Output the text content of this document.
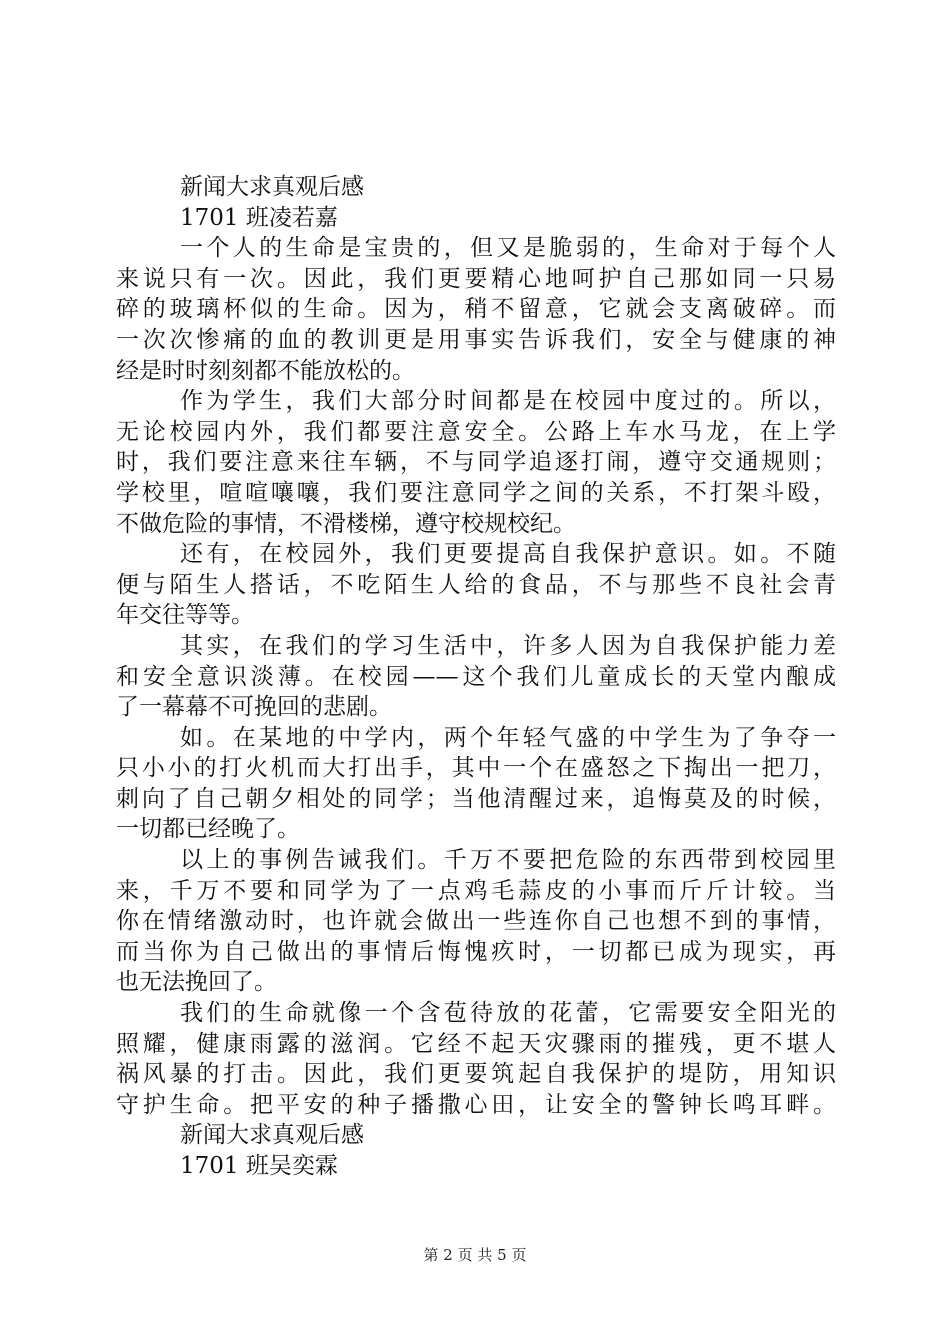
新闻大求真观后感
1701 班凌若嘉
一个人的生命是宝贵的，但又是脆弱的，生命对于每个人
来说只有一次。因此，我们更要精心地呵护自己那如同一只易
碎的玻璃杯似的生命。因为，稍不留意，它就会支离破碎。而
一次次惨痛的血的教训更是用事实告诉我们，安全与健康的神
经是时时刻刻都不能放松的。
作为学生，我们大部分时间都是在校园中度过的。所以，
无论校园内外，我们都要注意安全。公路上车水马龙，在上学
时，我们要注意来往车辆，不与同学追逐打闹，遵守交通规则；
学校里，喧喧嚷嚷，我们要注意同学之间的关系，不打架斗殴，
不做危险的事情，不滑楼梯，遵守校规校纪。
还有，在校园外，我们更要提高自我保护意识。如。不随
便与陌生人搭话，不吃陌生人给的食品，不与那些不良社会青
年交往等等。
其实，在我们的学习生活中，许多人因为自我保护能力差
和安全意识淡薄。在校园——这个我们儿童成长的天堂内酿成
了一幕幕不可挽回的悲剧。
如。在某地的中学内，两个年轻气盛的中学生为了争夺一
只小小的打火机而大打出手，其中一个在盛怒之下掏出一把刀，
刺向了自己朝夕相处的同学；当他清醒过来，追悔莫及的时候，
一切都已经晚了。
以上的事例告诫我们。千万不要把危险的东西带到校园里
来，千万不要和同学为了一点鸡毛蒜皮的小事而斤斤计较。当
你在情绪激动时，也许就会做出一些连你自己也想不到的事情，
而当你为自己做出的事情后悔愧疚时，一切都已成为现实，再
也无法挽回了。
我们的生命就像一个含苞待放的花蕾，它需要安全阳光的
照耀，健康雨露的滋润。它经不起天灾骤雨的摧残，更不堪人
祸风暴的打击。因此，我们更要筑起自我保护的堤防，用知识
守护生命。把平安的种子播撒心田，让安全的警钟长鸣耳畔。
新闻大求真观后感
1701 班吴奕霖
第 2 页 共 5 页
